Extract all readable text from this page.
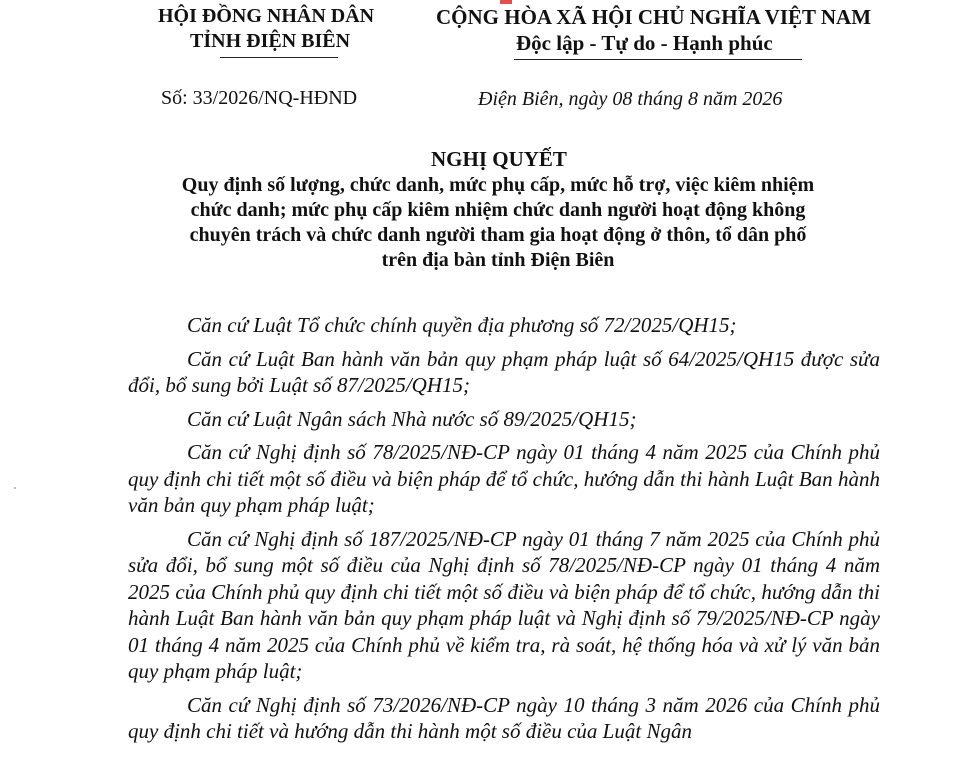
HỘI ĐỒNG NHÂN DÂN
TỈNH ĐIỆN BIÊN
CỘNG HÒA XÃ HỘI CHỦ NGHĨA VIỆT NAM
Độc lập - Tự do - Hạnh phúc
Số: 33/2026/NQ-HĐND	Điện Biên, ngày 08 tháng 8 năm 2026
NGHỊ QUYẾT
Quy định số lượng, chức danh, mức phụ cấp, mức hỗ trợ, việc kiêm nhiệm
chức danh; mức phụ cấp kiêm nhiệm chức danh người hoạt động không
chuyên trách và chức danh người tham gia hoạt động ở thôn, tổ dân phố
trên địa bàn tỉnh Điện Biên

Căn cứ Luật Tổ chức chính quyền địa phương số 72/2025/QH15;

Căn cứ Luật Ban hành văn bản quy phạm pháp luật số 64/2025/QH15 được sửa đổi, bổ sung bởi Luật số 87/2025/QH15;

Căn cứ Luật Ngân sách Nhà nước số 89/2025/QH15;

Căn cứ Nghị định số 78/2025/NĐ-CP ngày 01 tháng 4 năm 2025 của Chính phủ quy định chi tiết một số điều và biện pháp để tổ chức, hướng dẫn thi hành Luật Ban hành văn bản quy phạm pháp luật;

Căn cứ Nghị định số 187/2025/NĐ-CP ngày 01 tháng 7 năm 2025 của Chính phủ sửa đổi, bổ sung một số điều của Nghị định số 78/2025/NĐ-CP ngày 01 tháng 4 năm 2025 của Chính phủ quy định chi tiết một số điều và biện pháp để tổ chức, hướng dẫn thi hành Luật Ban hành văn bản quy phạm pháp luật và Nghị định số 79/2025/NĐ-CP ngày 01 tháng 4 năm 2025 của Chính phủ về kiểm tra, rà soát, hệ thống hóa và xử lý văn bản quy phạm pháp luật;

Căn cứ Nghị định số 73/2026/NĐ-CP ngày 10 tháng 3 năm 2026 của Chính phủ quy định chi tiết và hướng dẫn thi hành một số điều của Luật Ngân
